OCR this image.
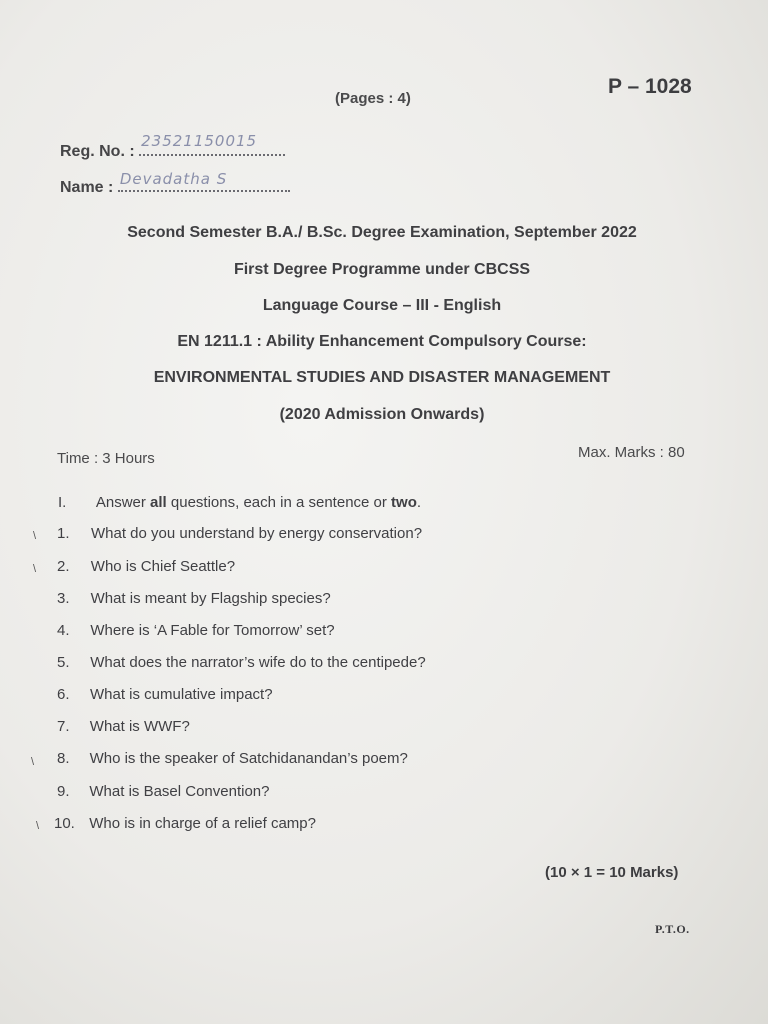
(Pages : 4)
P – 1028
Reg. No. :
23521150015
Name : Devadatha S
Second Semester B.A./ B.Sc. Degree Examination, September 2022
First Degree Programme under CBCSS
Language Course – III - English
EN 1211.1 : Ability Enhancement Compulsory Course:
ENVIRONMENTAL STUDIES AND DISASTER MANAGEMENT
(2020 Admission Onwards)
Time : 3 Hours	Max. Marks : 80
I. Answer all questions, each in a sentence or two.
1.	What do you understand by energy conservation?
2.	Who is Chief Seattle?
3.	What is meant by Flagship species?
4.	Where is ‘A Fable for Tomorrow’ set?
5.	What does the narrator’s wife do to the centipede?
6.	What is cumulative impact?
7.	What is WWF?
8.	Who is the speaker of Satchidanandan’s poem?
9.	What is Basel Convention?
10. Who is in charge of a relief camp?
\
\
\
\
(10 × 1 = 10 Marks)
P.T.O.
